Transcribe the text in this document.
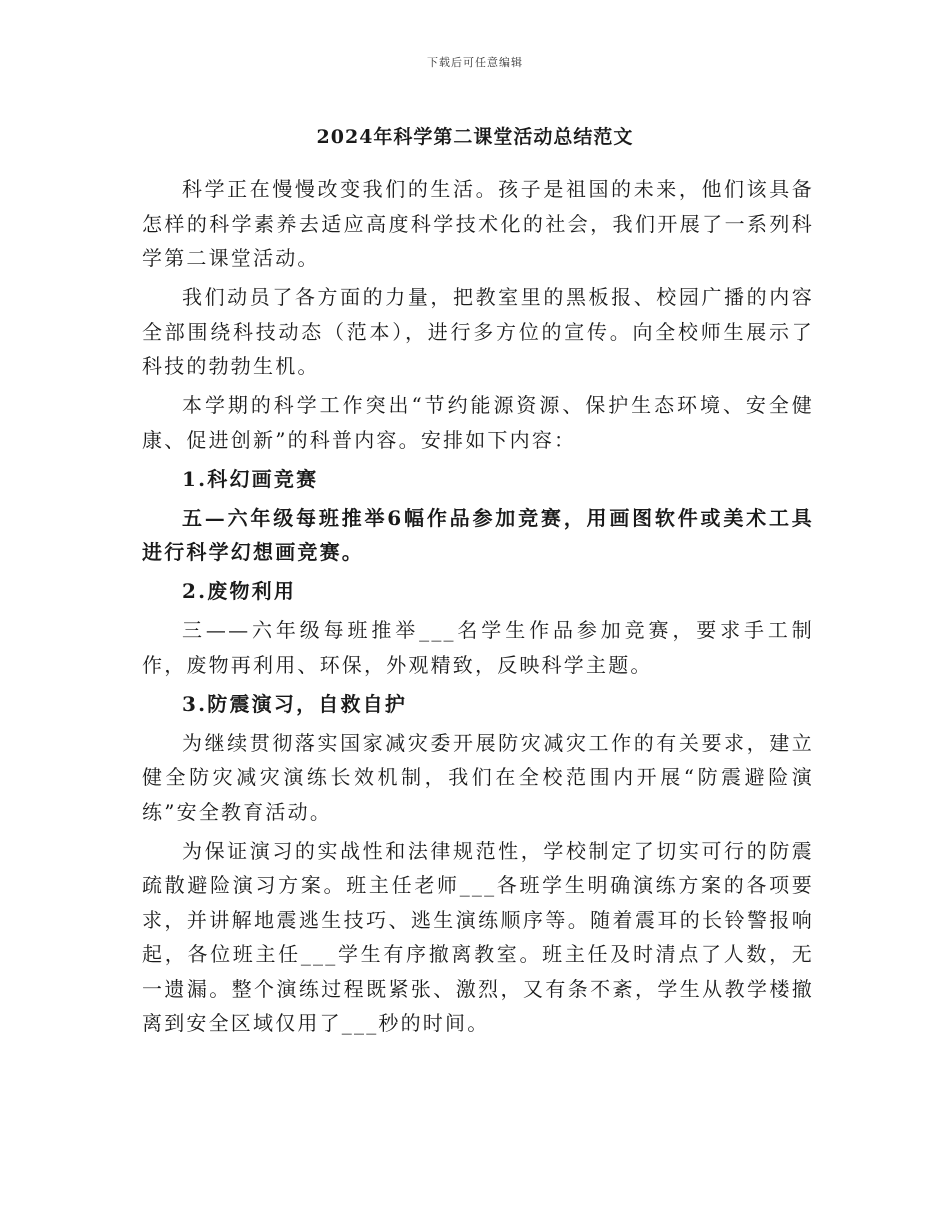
下载后可任意编辑
2024年科学第二课堂活动总结范文

科学正在慢慢改变我们的生活。孩子是祖国的未来，他们该具备怎样的科学素养去适应高度科学技术化的社会，我们开展了一系列科学第二课堂活动。

我们动员了各方面的力量，把教室里的黑板报、校园广播的内容全部围绕科技动态（范本），进行多方位的宣传。向全校师生展示了科技的勃勃生机。

本学期的科学工作突出“节约能源资源、保护生态环境、安全健康、促进创新”的科普内容。安排如下内容：

1.科幻画竞赛

五—六年级每班推举6幅作品参加竞赛，用画图软件或美术工具进行科学幻想画竞赛。

2.废物利用

三——六年级每班推举___名学生作品参加竞赛，要求手工制作，废物再利用、环保，外观精致，反映科学主题。

3.防震演习，自救自护

为继续贯彻落实国家减灾委开展防灾减灾工作的有关要求，建立健全防灾减灾演练长效机制，我们在全校范围内开展“防震避险演练”安全教育活动。

为保证演习的实战性和法律规范性，学校制定了切实可行的防震疏散避险演习方案。班主任老师___各班学生明确演练方案的各项要求，并讲解地震逃生技巧、逃生演练顺序等。随着震耳的长铃警报响起，各位班主任___学生有序撤离教室。班主任及时清点了人数，无一遗漏。整个演练过程既紧张、激烈，又有条不紊，学生从教学楼撤离到安全区域仅用了___秒的时间。
